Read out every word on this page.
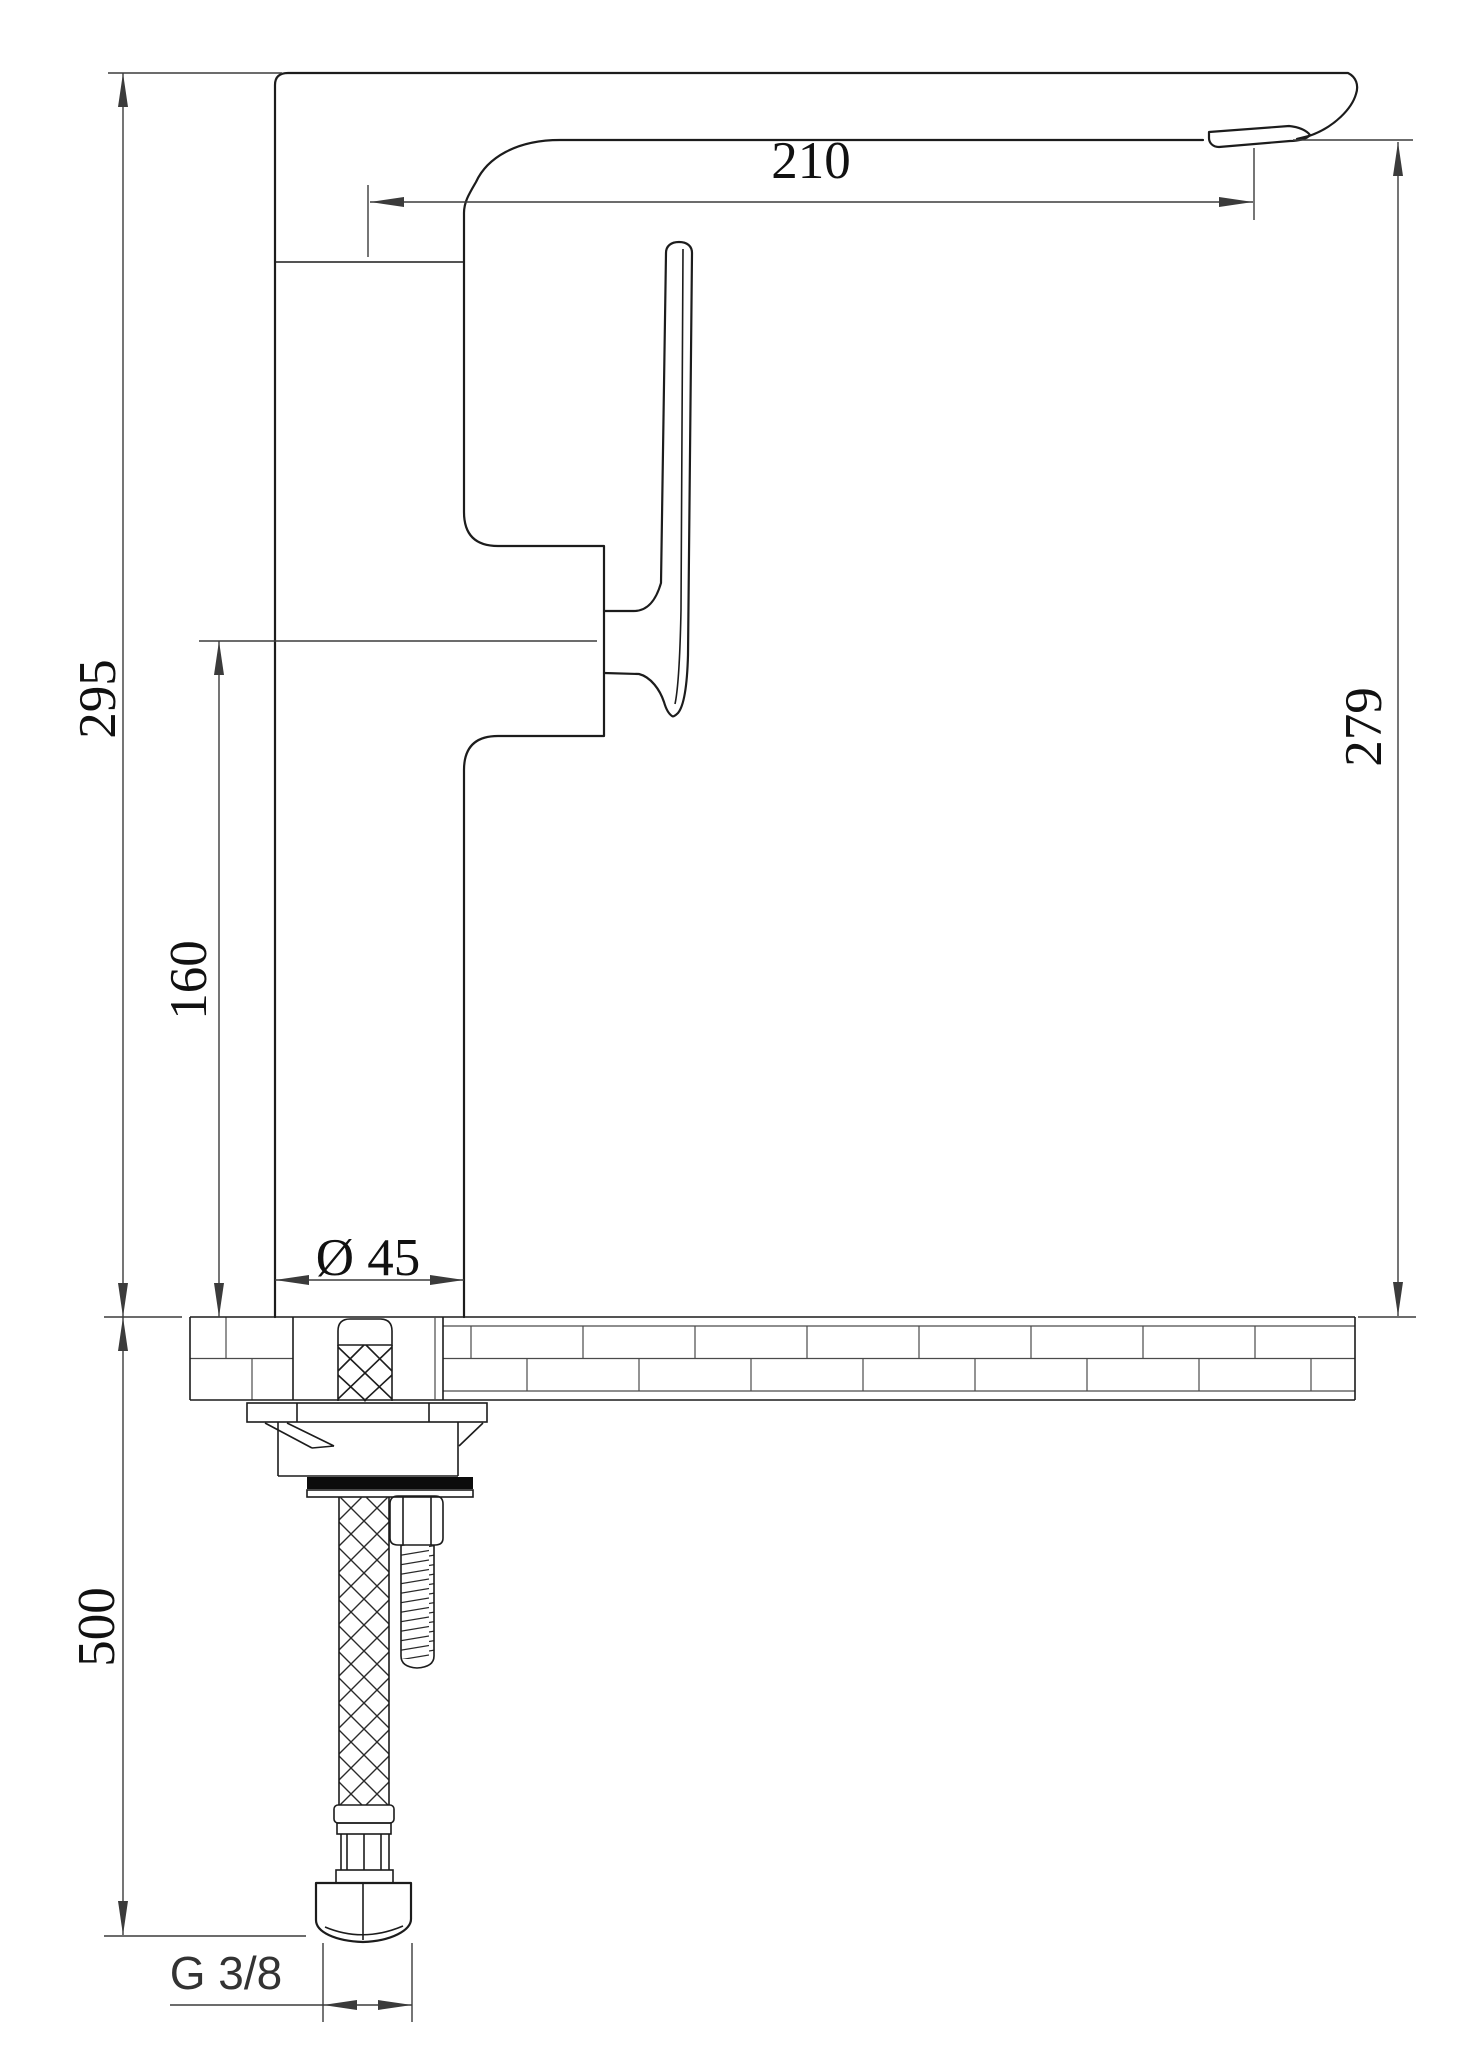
295
210
279
160
Ø 45
500
G 3/8
